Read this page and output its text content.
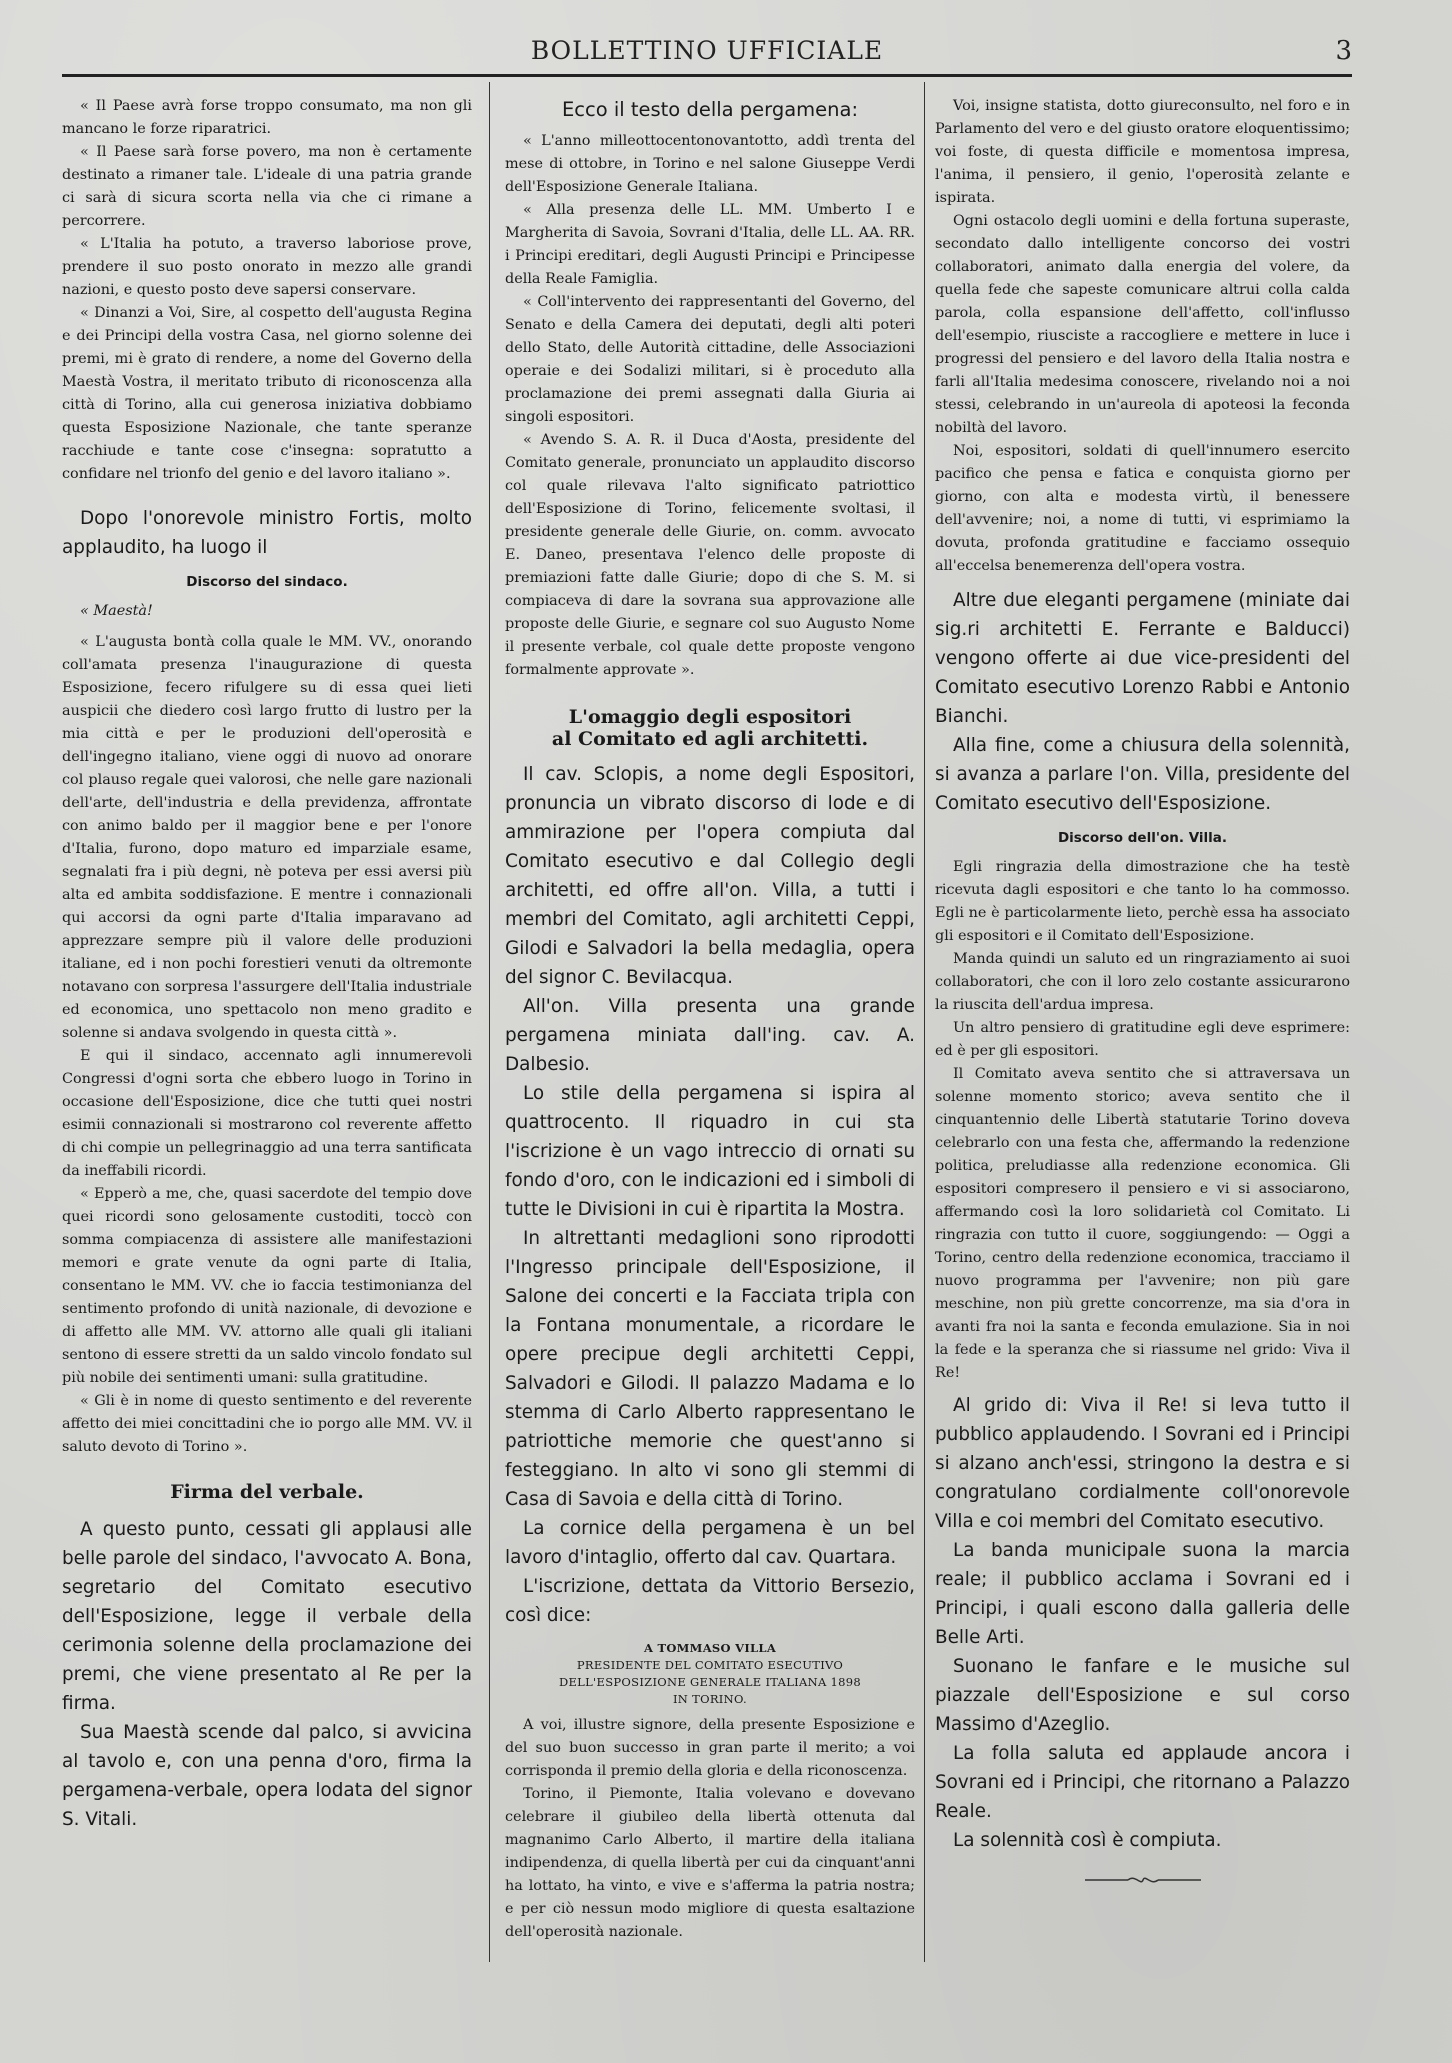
BOLLETTINO UFFICIALE	3

« Il Paese avrà forse troppo consumato, ma non gli mancano le forze riparatrici.

« Il Paese sarà forse povero, ma non è certamente destinato a rimaner tale. L'ideale di una patria grande ci sarà di sicura scorta nella via che ci rimane a percorrere.

« L'Italia ha potuto, a traverso laboriose prove, prendere il suo posto onorato in mezzo alle grandi nazioni, e questo posto deve sapersi conservare.

« Dinanzi a Voi, Sire, al cospetto dell'augusta Regina e dei Principi della vostra Casa, nel giorno solenne dei premi, mi è grato di rendere, a nome del Governo della Maestà Vostra, il meritato tributo di riconoscenza alla città di Torino, alla cui generosa iniziativa dobbiamo questa Esposizione Nazionale, che tante speranze racchiude e tante cose c'insegna: sopratutto a confidare nel trionfo del genio e del lavoro italiano ».

Dopo l'onorevole ministro Fortis, molto applaudito, ha luogo il

Discorso del sindaco.

« Maestà!

« L'augusta bontà colla quale le MM. VV., onorando coll'amata presenza l'inaugurazione di questa Esposizione, fecero rifulgere su di essa quei lieti auspicii che diedero così largo frutto di lustro per la mia città e per le produzioni dell'operosità e dell'ingegno italiano, viene oggi di nuovo ad onorare col plauso regale quei valorosi, che nelle gare nazionali dell'arte, dell'industria e della previdenza, affrontate con animo baldo per il maggior bene e per l'onore d'Italia, furono, dopo maturo ed imparziale esame, segnalati fra i più degni, nè poteva per essi aversi più alta ed ambita soddisfazione. E mentre i connazionali qui accorsi da ogni parte d'Italia imparavano ad apprezzare sempre più il valore delle produzioni italiane, ed i non pochi forestieri venuti da oltremonte notavano con sorpresa l'assurgere dell'Italia industriale ed economica, uno spettacolo non meno gradito e solenne si andava svolgendo in questa città ».

E qui il sindaco, accennato agli innumerevoli Congressi d'ogni sorta che ebbero luogo in Torino in occasione dell'Esposizione, dice che tutti quei nostri esimii connazionali si mostrarono col reverente affetto di chi compie un pellegrinaggio ad una terra santificata da ineffabili ricordi.

« Epperò a me, che, quasi sacerdote del tempio dove quei ricordi sono gelosamente custoditi, toccò con somma compiacenza di assistere alle manifestazioni memori e grate venute da ogni parte di Italia, consentano le MM. VV. che io faccia testimonianza del sentimento profondo di unità nazionale, di devozione e di affetto alle MM. VV. attorno alle quali gli italiani sentono di essere stretti da un saldo vincolo fondato sul più nobile dei sentimenti umani: sulla gratitudine.

« Gli è in nome di questo sentimento e del reverente affetto dei miei concittadini che io porgo alle MM. VV. il saluto devoto di Torino ».

Firma del verbale.

A questo punto, cessati gli applausi alle belle parole del sindaco, l'avvocato A. Bona, segretario del Comitato esecutivo dell'Esposizione, legge il verbale della cerimonia solenne della proclamazione dei premi, che viene presentato al Re per la firma.

Sua Maestà scende dal palco, si avvicina al tavolo e, con una penna d'oro, firma la pergamena-verbale, opera lodata del signor S. Vitali.

Ecco il testo della pergamena:

« L'anno milleottocentonovantotto, addì trenta del mese di ottobre, in Torino e nel salone Giuseppe Verdi dell'Esposizione Generale Italiana.

« Alla presenza delle LL. MM. Umberto I e Margherita di Savoia, Sovrani d'Italia, delle LL. AA. RR. i Principi ereditari, degli Augusti Principi e Principesse della Reale Famiglia.

« Coll'intervento dei rappresentanti del Governo, del Senato e della Camera dei deputati, degli alti poteri dello Stato, delle Autorità cittadine, delle Associazioni operaie e dei Sodalizi militari, si è proceduto alla proclamazione dei premi assegnati dalla Giuria ai singoli espositori.

« Avendo S. A. R. il Duca d'Aosta, presidente del Comitato generale, pronunciato un applaudito discorso col quale rilevava l'alto significato patriottico dell'Esposizione di Torino, felicemente svoltasi, il presidente generale delle Giurie, on. comm. avvocato E. Daneo, presentava l'elenco delle proposte di premiazioni fatte dalle Giurie; dopo di che S. M. si compiaceva di dare la sovrana sua approvazione alle proposte delle Giurie, e segnare col suo Augusto Nome il presente verbale, col quale dette proposte vengono formalmente approvate ».

L'omaggio degli espositori

al Comitato ed agli architetti.

Il cav. Sclopis, a nome degli Espositori, pronuncia un vibrato discorso di lode e di ammirazione per l'opera compiuta dal Comitato esecutivo e dal Collegio degli architetti, ed offre all'on. Villa, a tutti i membri del Comitato, agli architetti Ceppi, Gilodi e Salvadori la bella medaglia, opera del signor C. Bevilacqua.

All'on. Villa presenta una grande pergamena miniata dall'ing. cav. A. Dalbesio.

Lo stile della pergamena si ispira al quattrocento. Il riquadro in cui sta l'iscrizione è un vago intreccio di ornati su fondo d'oro, con le indicazioni ed i simboli di tutte le Divisioni in cui è ripartita la Mostra.

In altrettanti medaglioni sono riprodotti l'Ingresso principale dell'Esposizione, il Salone dei concerti e la Facciata tripla con la Fontana monumentale, a ricordare le opere precipue degli architetti Ceppi, Salvadori e Gilodi. Il palazzo Madama e lo stemma di Carlo Alberto rappresentano le patriottiche memorie che quest'anno si festeggiano. In alto vi sono gli stemmi di Casa di Savoia e della città di Torino.

La cornice della pergamena è un bel lavoro d'intaglio, offerto dal cav. Quartara.

L'iscrizione, dettata da Vittorio Bersezio, così dice:

A TOMMASO VILLA

PRESIDENTE DEL COMITATO ESECUTIVO

DELL'ESPOSIZIONE GENERALE ITALIANA 1898

IN TORINO.

A voi, illustre signore, della presente Esposizione e del suo buon successo in gran parte il merito; a voi corrisponda il premio della gloria e della riconoscenza.

Torino, il Piemonte, Italia volevano e dovevano celebrare il giubileo della libertà ottenuta dal magnanimo Carlo Alberto, il martire della italiana indipendenza, di quella libertà per cui da cinquant'anni ha lottato, ha vinto, e vive e s'afferma la patria nostra; e per ciò nessun modo migliore di questa esaltazione dell'operosità nazionale.

Voi, insigne statista, dotto giureconsulto, nel foro e in Parlamento del vero e del giusto oratore eloquentissimo; voi foste, di questa difficile e momentosa impresa, l'anima, il pensiero, il genio, l'operosità zelante e ispirata.

Ogni ostacolo degli uomini e della fortuna superaste, secondato dallo intelligente concorso dei vostri collaboratori, animato dalla energia del volere, da quella fede che sapeste comunicare altrui colla calda parola, colla espansione dell'affetto, coll'influsso dell'esempio, riusciste a raccogliere e mettere in luce i progressi del pensiero e del lavoro della Italia nostra e farli all'Italia medesima conoscere, rivelando noi a noi stessi, celebrando in un'aureola di apoteosi la feconda nobiltà del lavoro.

Noi, espositori, soldati di quell'innumero esercito pacifico che pensa e fatica e conquista giorno per giorno, con alta e modesta virtù, il benessere dell'avvenire; noi, a nome di tutti, vi esprimiamo la dovuta, profonda gratitudine e facciamo ossequio all'eccelsa benemerenza dell'opera vostra.

Altre due eleganti pergamene (miniate dai sig.ri architetti E. Ferrante e Balducci) vengono offerte ai due vice-presidenti del Comitato esecutivo Lorenzo Rabbi e Antonio Bianchi.

Alla fine, come a chiusura della solennità, si avanza a parlare l'on. Villa, presidente del Comitato esecutivo dell'Esposizione.

Discorso dell'on. Villa.

Egli ringrazia della dimostrazione che ha testè ricevuta dagli espositori e che tanto lo ha commosso. Egli ne è particolarmente lieto, perchè essa ha associato gli espositori e il Comitato dell'Esposizione.

Manda quindi un saluto ed un ringraziamento ai suoi collaboratori, che con il loro zelo costante assicurarono la riuscita dell'ardua impresa.

Un altro pensiero di gratitudine egli deve esprimere: ed è per gli espositori.

Il Comitato aveva sentito che si attraversava un solenne momento storico; aveva sentito che il cinquantennio delle Libertà statutarie Torino doveva celebrarlo con una festa che, affermando la redenzione politica, preludiasse alla redenzione economica. Gli espositori compresero il pensiero e vi si associarono, affermando così la loro solidarietà col Comitato. Li ringrazia con tutto il cuore, soggiungendo: — Oggi a Torino, centro della redenzione economica, tracciamo il nuovo programma per l'avvenire; non più gare meschine, non più grette concorrenze, ma sia d'ora in avanti fra noi la santa e feconda emulazione. Sia in noi la fede e la speranza che si riassume nel grido: Viva il Re!

Al grido di: Viva il Re! si leva tutto il pubblico applaudendo. I Sovrani ed i Principi si alzano anch'essi, stringono la destra e si congratulano cordialmente coll'onorevole Villa e coi membri del Comitato esecutivo.

La banda municipale suona la marcia reale; il pubblico acclama i Sovrani ed i Principi, i quali escono dalla galleria delle Belle Arti.

Suonano le fanfare e le musiche sul piazzale dell'Esposizione e sul corso Massimo d'Azeglio.

La folla saluta ed applaude ancora i Sovrani ed i Principi, che ritornano a Palazzo Reale.

La solennità così è compiuta.
